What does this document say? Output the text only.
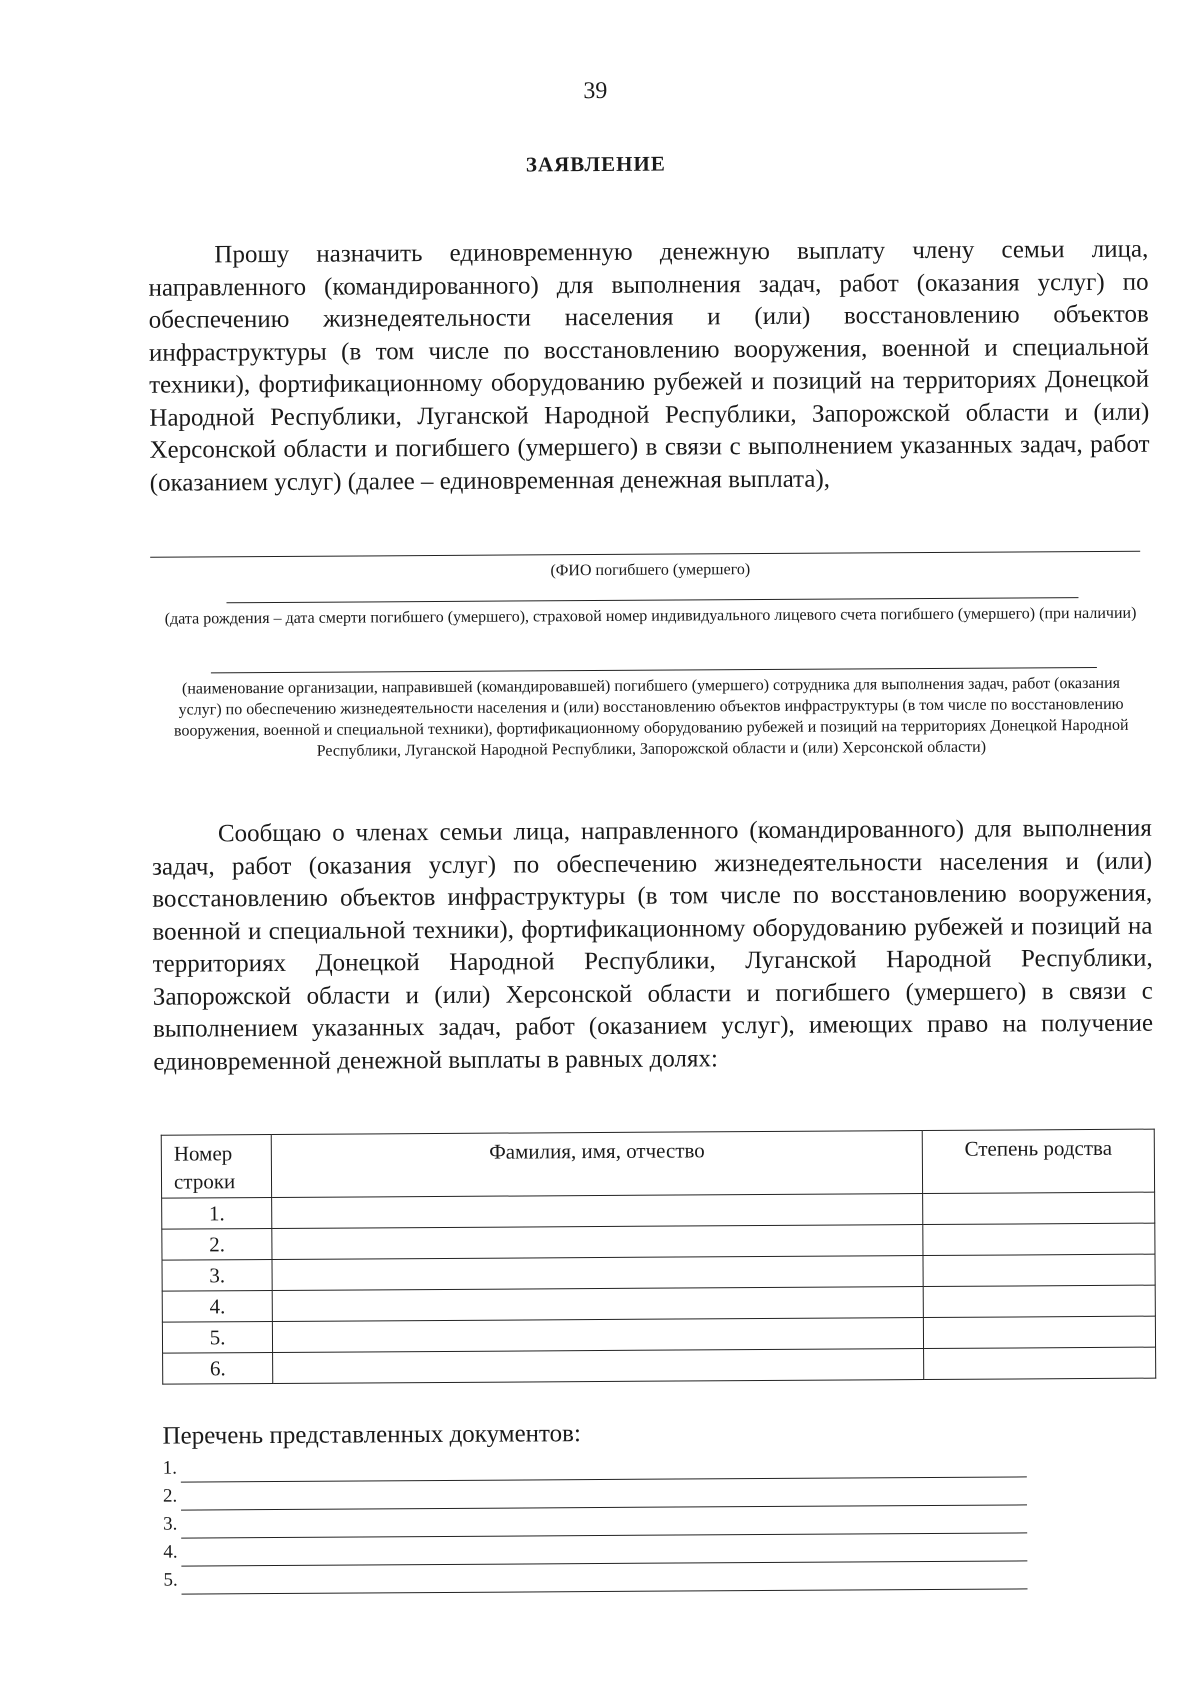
39
ЗАЯВЛЕНИЕ

Прошу назначить единовременную денежную выплату члену семьи лица, направленного (командированного) для выполнения задач, работ (оказания услуг) по обеспечению жизнедеятельности населения и (или) восстановлению объектов инфраструктуры (в том числе по восстановлению вооружения, военной и специальной техники), фортификационному оборудованию рубежей и позиций на территориях Донецкой Народной Республики, Луганской Народной Республики, Запорожской области и (или) Херсонской области и погибшего (умершего) в связи с выполнением указанных задач, работ (оказанием услуг) (далее – единовременная денежная выплата),

(ФИО погибшего (умершего)

(дата рождения – дата смерти погибшего (умершего), страховой номер индивидуального лицевого счета погибшего (умершего) (при наличии)

(наименование организации, направившей (командировавшей) погибшего (умершего) сотрудника для выполнения задач, работ (оказания услуг) по обеспечению жизнедеятельности населения и (или) восстановлению объектов инфраструктуры (в том числе по восстановлению вооружения, военной и специальной техники), фортификационному оборудованию рубежей и позиций на территориях Донецкой Народной Республики, Луганской Народной Республики, Запорожской области и (или) Херсонской области)

Сообщаю о членах семьи лица, направленного (командированного) для выполнения задач, работ (оказания услуг) по обеспечению жизнедеятельности населения и (или) восстановлению объектов инфраструктуры (в том числе по восстановлению вооружения, военной и специальной техники), фортификационному оборудованию рубежей и позиций на территориях Донецкой Народной Республики, Луганской Народной Республики, Запорожской области и (или) Херсонской области и погибшего (умершего) в связи с выполнением указанных задач, работ (оказанием услуг), имеющих право на получение единовременной денежной выплаты в равных долях:

Номер строки	Фамилия, имя, отчество	Степень родства
1.		
2.		
3.		
4.		
5.		
6.		

Перечень представленных документов:

1.
2.
3.
4.
5.
